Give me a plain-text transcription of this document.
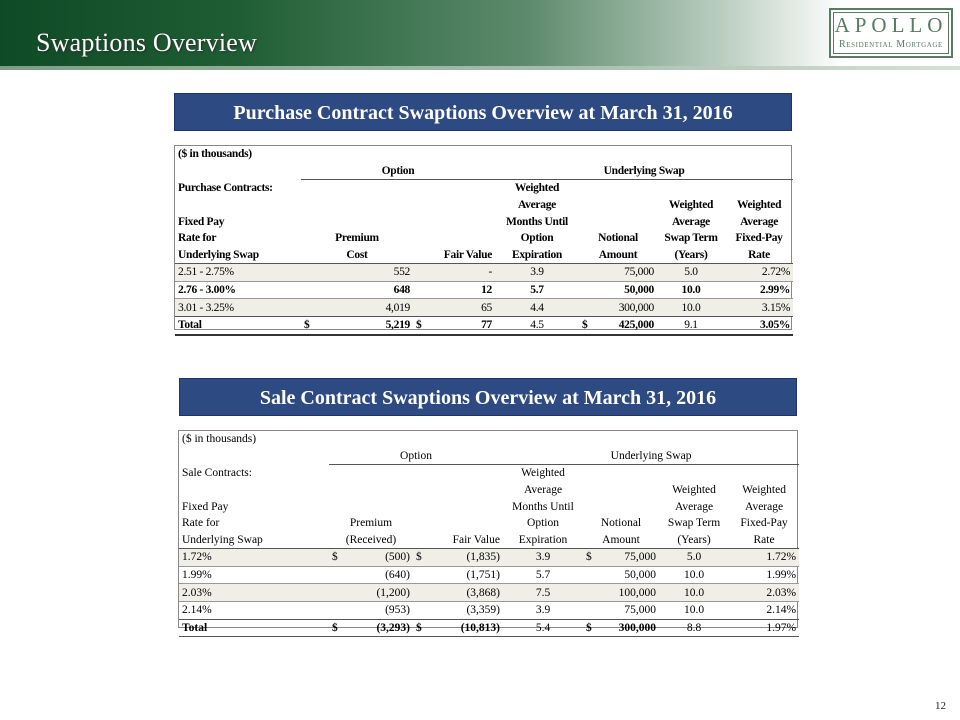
Swaptions Overview
APOLLO
Residential Mortgage
Purchase Contract Swaptions Overview at March 31, 2016
($ in thousands)									
	Option				Underlying Swap				
Purchase Contracts:					Weighted				
					Average			Weighted	Weighted
Fixed Pay					Months Until			Average	Average
Rate for	Premium				Option	Notional		Swap Term	Fixed-Pay
Underlying Swap	Cost		Fair Value		Expiration	Amount		(Years)	Rate
2.51 - 2.75%		552		-	3.9		75,000	5.0	2.72%
2.76 - 3.00%		648		12	5.7		50,000	10.0	2.99%
3.01 - 3.25%		4,019		65	4.4		300,000	10.0	3.15%
Total	$	5,219	$	77	4.5	$	425,000	9.1	3.05%
Sale Contract Swaptions Overview at March 31, 2016
($ in thousands)									
	Option				Underlying Swap				
Sale Contracts:					Weighted				
					Average			Weighted	Weighted
Fixed Pay					Months Until			Average	Average
Rate for	Premium				Option	Notional		Swap Term	Fixed-Pay
Underlying Swap	(Received)		Fair Value		Expiration	Amount		(Years)	Rate
1.72%	$	(500)	$	(1,835)	3.9	$	75,000	5.0	1.72%
1.99%		(640)		(1,751)	5.7		50,000	10.0	1.99%
2.03%		(1,200)		(3,868)	7.5		100,000	10.0	2.03%
2.14%		(953)		(3,359)	3.9		75,000	10.0	2.14%
Total	$	(3,293)	$	(10,813)	5.4	$	300,000	8.8	1.97%
12
